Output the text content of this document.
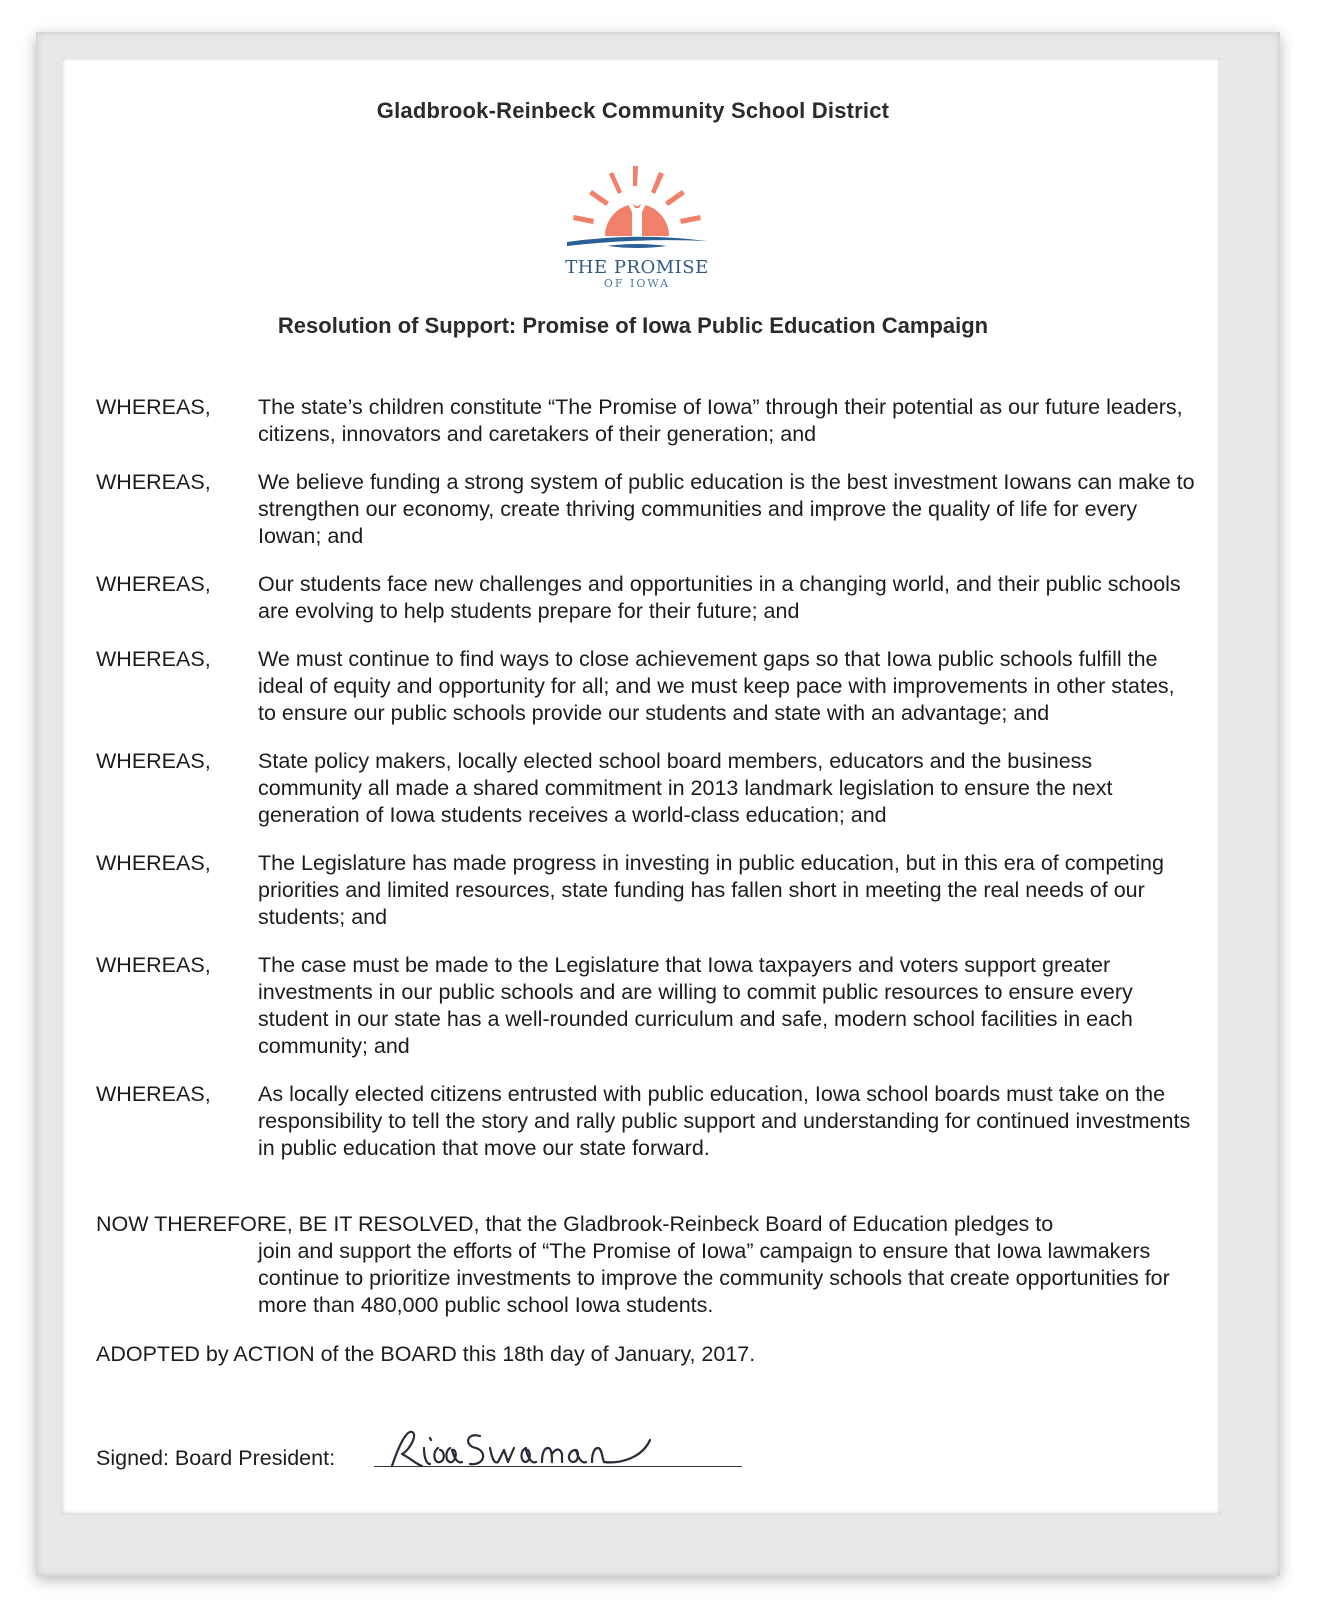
Gladbrook-Reinbeck Community School District
THE PROMISE
OF IOWA
Resolution of Support: Promise of Iowa Public Education Campaign
WHEREAS,	The state’s children constitute “The Promise of Iowa” through their potential as our future leaders, citizens, innovators and caretakers of their generation; and
WHEREAS,	We believe funding a strong system of public education is the best investment Iowans can make to strengthen our economy, create thriving communities and improve the quality of life for every Iowan; and
WHEREAS,	Our students face new challenges and opportunities in a changing world, and their public schools are evolving to help students prepare for their future; and
WHEREAS,	We must continue to find ways to close achievement gaps so that Iowa public schools fulfill the ideal of equity and opportunity for all; and we must keep pace with improvements in other states, to ensure our public schools provide our students and state with an advantage; and
WHEREAS,	State policy makers, locally elected school board members, educators and the business community all made a shared commitment in 2013 landmark legislation to ensure the next generation of Iowa students receives a world-class education; and
WHEREAS,	The Legislature has made progress in investing in public education, but in this era of competing priorities and limited resources, state funding has fallen short in meeting the real needs of our students; and
WHEREAS,	The case must be made to the Legislature that Iowa taxpayers and voters support greater investments in our public schools and are willing to commit public resources to ensure every student in our state has a well-rounded curriculum and safe, modern school facilities in each community; and
WHEREAS,	As locally elected citizens entrusted with public education, Iowa school boards must take on the responsibility to tell the story and rally public support and understanding for continued investments in public education that move our state forward.
NOW THEREFORE, BE IT RESOLVED, that the Gladbrook-Reinbeck Board of Education pledges to
join and support the efforts of “The Promise of Iowa” campaign to ensure that Iowa lawmakers continue to prioritize investments to improve the community schools that create opportunities for more than 480,000 public school Iowa students.
ADOPTED by ACTION of the BOARD this 18th day of January, 2017.
Signed: Board President:
